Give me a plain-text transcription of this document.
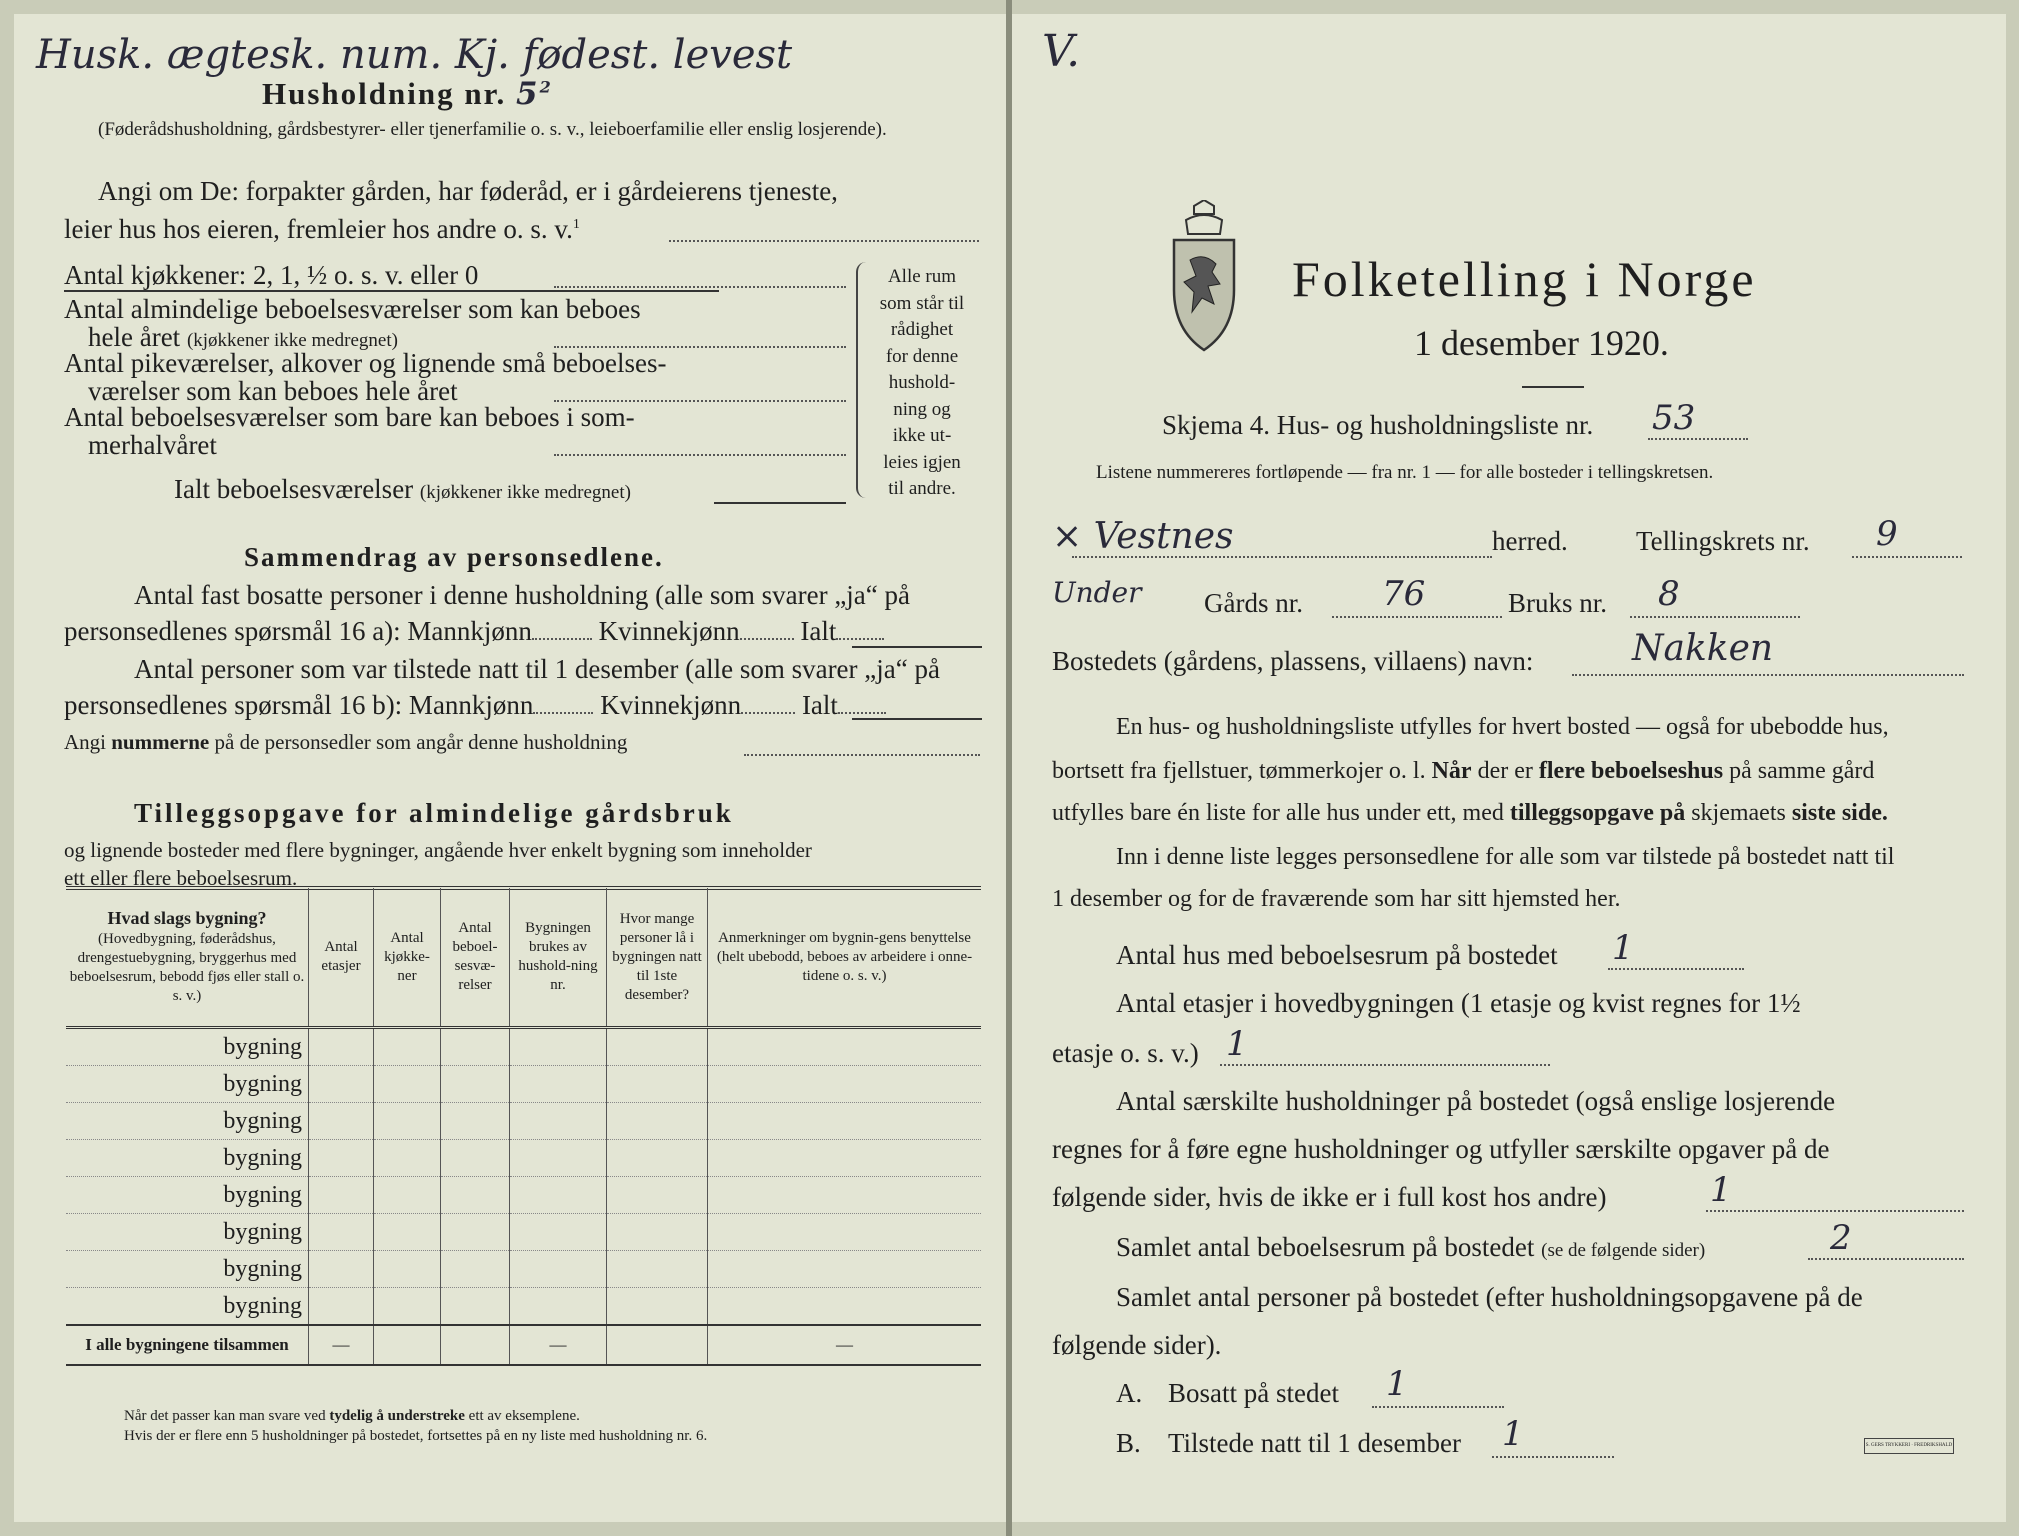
Husk. ægtesk. num. Kj. fødest. levest
Husholdning nr. $5^2$
(Føderådshusholdning, gårdsbestyrer- eller tjenerfamilie o. s. v., leieboerfamilie eller enslig losjerende).
Angi om De: forpakter gården, har føderåd, er i gårdeierens tjeneste,
leier hus hos eieren, fremleier hos andre o. s. v.$^1$
Antal kjøkkener: 2, 1, ½ o. s. v. eller 0
Antal almindelige beboelsesværelser som kan beboes
hele året (kjøkkener ikke medregnet)
Antal pikeværelser, alkover og lignende små beboelses-
værelser som kan beboes hele året
Antal beboelsesværelser som bare kan beboes i som-
merhalvåret
Ialt beboelsesværelser (kjøkkener ikke medregnet)
Alle rum
som står til
rådighet
for denne
hushold-
ning og
ikke ut-
leies igjen
til andre.
Sammendrag av personsedlene.
Antal fast bosatte personer i denne husholdning (alle som svarer „ja“ på
personsedlenes spørsmål 16 a): Mannkjønn Kvinnekjønn Ialt
Antal personer som var tilstede natt til 1 desember (alle som svarer „ja“ på
personsedlenes spørsmål 16 b): Mannkjønn Kvinnekjønn Ialt
Angi nummerne på de personsedler som angår denne husholdning
Tilleggsopgave for almindelige gårdsbruk
og lignende bosteder med flere bygninger, angående hver enkelt bygning som inneholder
ett eller flere beboelsesrum.
Hvad slags bygning?
(Hovedbygning, føderådshus, drengestuebygning, bryggerhus med beboelsesrum, bebodd fjøs eller stall o. s. v.)	Antal etasjer	Antal kjøkke-ner	Antal beboel-sesvæ-relser	Bygningen brukes av hushold-ning nr.	Hvor mange personer lå i bygningen natt til 1ste desember?	Anmerkninger om bygnin-gens benyttelse (helt ubebodd, beboes av arbeidere i onne-tidene o. s. v.)
bygning						
bygning						
bygning						
bygning						
bygning						
bygning						
bygning						
bygning						
I alle bygningene tilsammen	—			—		—
Når det passer kan man svare ved tydelig å understreke ett av eksemplene.
Hvis der er flere enn 5 husholdninger på bostedet, fortsettes på en ny liste med husholdning nr. 6.
V.
Folketelling i Norge
1 desember 1920.
Skjema 4. Hus- og husholdningsliste nr. 53
Listene nummereres fortløpende — fra nr. 1 — for alle bosteder i tellingskretsen.
× Vestnes	herred.	Tellingskrets nr. 9
Under Gårds nr. 76	Bruks nr. 8
Bostedets (gårdens, plassens, villaens) navn:	Nakken
En hus- og husholdningsliste utfylles for hvert bosted — også for ubebodde hus,
bortsett fra fjellstuer, tømmerkojer o. l. Når der er flere beboelseshus på samme gård
utfylles bare én liste for alle hus under ett, med tilleggsopgave på skjemaets siste side.
Inn i denne liste legges personsedlene for alle som var tilstede på bostedet natt til
1 desember og for de fraværende som har sitt hjemsted her.
Antal hus med beboelsesrum på bostedet 1
Antal etasjer i hovedbygningen (1 etasje og kvist regnes for 1½
etasje o. s. v.) 1
Antal særskilte husholdninger på bostedet (også enslige losjerende
regnes for å føre egne husholdninger og utfyller særskilte opgaver på de
følgende sider, hvis de ikke er i full kost hos andre)	1
Samlet antal beboelsesrum på bostedet (se de følgende sider)	2
Samlet antal personer på bostedet (efter husholdningsopgavene på de
følgende sider).
A. Bosatt på stedet 1
B. Tilstede natt til 1 desember 1	S. GERS TRYKKERI · FREDRIKSHALD
